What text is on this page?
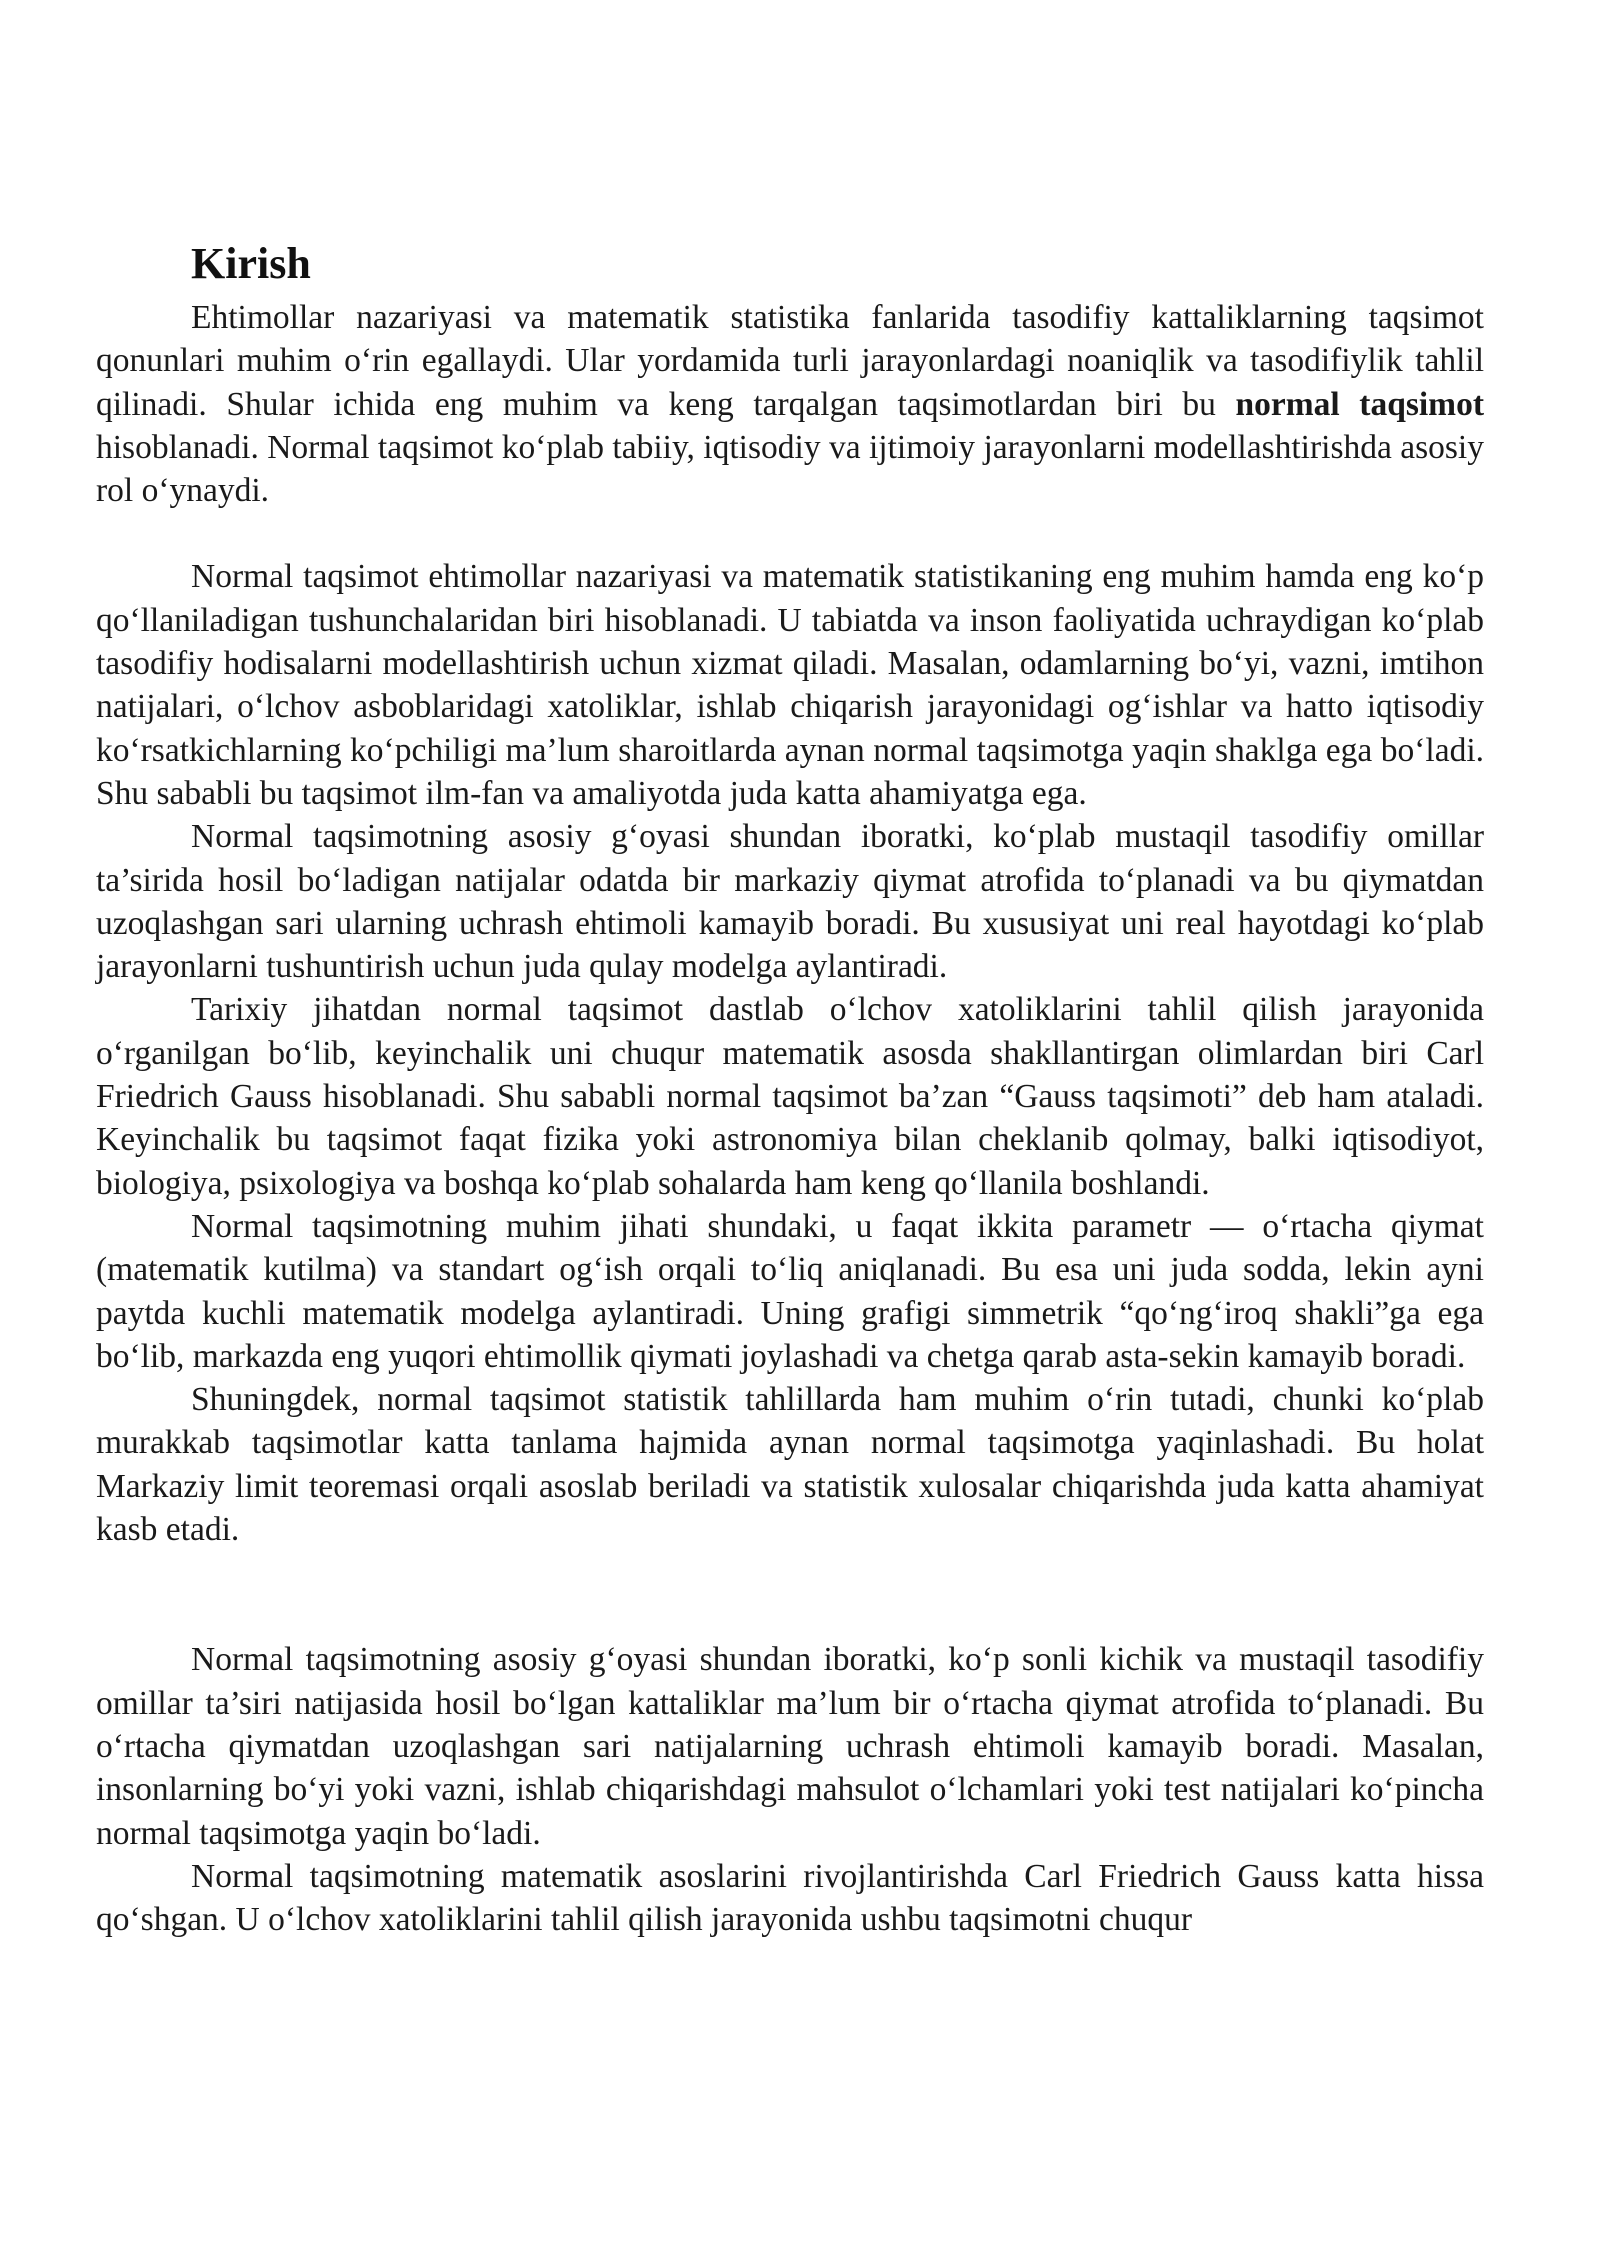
Kirish

Ehtimollar nazariyasi va matematik statistika fanlarida tasodifiy kattaliklarning taqsimot qonunlari muhim o‘rin egallaydi. Ular yordamida turli jarayonlardagi noaniqlik va tasodifiylik tahlil qilinadi. Shular ichida eng muhim va keng tarqalgan taqsimotlardan biri bu normal taqsimot hisoblanadi. Normal taqsimot ko‘plab tabiiy, iqtisodiy va ijtimoiy jarayonlarni modellashtirishda asosiy rol o‘ynaydi.

Normal taqsimot ehtimollar nazariyasi va matematik statistikaning eng muhim hamda eng ko‘p qo‘llaniladigan tushunchalaridan biri hisoblanadi. U tabiatda va inson faoliyatida uchraydigan ko‘plab tasodifiy hodisalarni modellashtirish uchun xizmat qiladi. Masalan, odamlarning bo‘yi, vazni, imtihon natijalari, o‘lchov asboblaridagi xatoliklar, ishlab chiqarish jarayonidagi og‘ishlar va hatto iqtisodiy ko‘rsatkichlarning ko‘pchiligi ma’lum sharoitlarda aynan normal taqsimotga yaqin shaklga ega bo‘ladi. Shu sababli bu taqsimot ilm-fan va amaliyotda juda katta ahamiyatga ega.

Normal taqsimotning asosiy g‘oyasi shundan iboratki, ko‘plab mustaqil tasodifiy omillar ta’sirida hosil bo‘ladigan natijalar odatda bir markaziy qiymat atrofida to‘planadi va bu qiymatdan uzoqlashgan sari ularning uchrash ehtimoli kamayib boradi. Bu xususiyat uni real hayotdagi ko‘plab jarayonlarni tushuntirish uchun juda qulay modelga aylantiradi.

Tarixiy jihatdan normal taqsimot dastlab o‘lchov xatoliklarini tahlil qilish jarayonida o‘rganilgan bo‘lib, keyinchalik uni chuqur matematik asosda shakllantirgan olimlardan biri Carl Friedrich Gauss hisoblanadi. Shu sababli normal taqsimot ba’zan “Gauss taqsimoti” deb ham ataladi. Keyinchalik bu taqsimot faqat fizika yoki astronomiya bilan cheklanib qolmay, balki iqtisodiyot, biologiya, psixologiya va boshqa ko‘plab sohalarda ham keng qo‘llanila boshlandi.

Normal taqsimotning muhim jihati shundaki, u faqat ikkita parametr — o‘rtacha qiymat (matematik kutilma) va standart og‘ish orqali to‘liq aniqlanadi. Bu esa uni juda sodda, lekin ayni paytda kuchli matematik modelga aylantiradi. Uning grafigi simmetrik “qo‘ng‘iroq shakli”ga ega bo‘lib, markazda eng yuqori ehtimollik qiymati joylashadi va chetga qarab asta-sekin kamayib boradi.

Shuningdek, normal taqsimot statistik tahlillarda ham muhim o‘rin tutadi, chunki ko‘plab murakkab taqsimotlar katta tanlama hajmida aynan normal taqsimotga yaqinlashadi. Bu holat Markaziy limit teoremasi orqali asoslab beriladi va statistik xulosalar chiqarishda juda katta ahamiyat kasb etadi.

Normal taqsimotning asosiy g‘oyasi shundan iboratki, ko‘p sonli kichik va mustaqil tasodifiy omillar ta’siri natijasida hosil bo‘lgan kattaliklar ma’lum bir o‘rtacha qiymat atrofida to‘planadi. Bu o‘rtacha qiymatdan uzoqlashgan sari natijalarning uchrash ehtimoli kamayib boradi. Masalan, insonlarning bo‘yi yoki vazni, ishlab chiqarishdagi mahsulot o‘lchamlari yoki test natijalari ko‘pincha normal taqsimotga yaqin bo‘ladi.

Normal taqsimotning matematik asoslarini rivojlantirishda Carl Friedrich Gauss katta hissa qo‘shgan. U o‘lchov xatoliklarini tahlil qilish jarayonida ushbu taqsimotni chuqur
